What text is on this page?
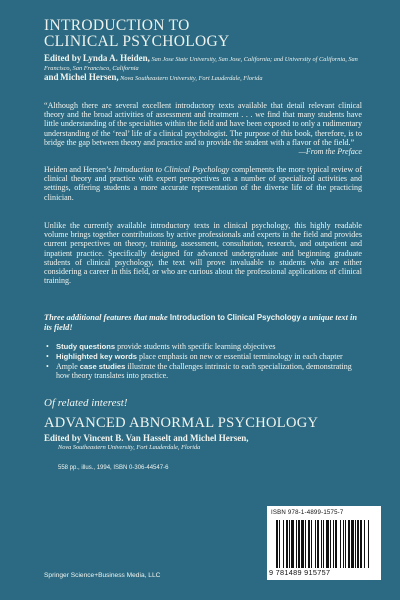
INTRODUCTION TO
CLINICAL PSYCHOLOGY
Edited by Lynda A. Heiden, San Jose State University, San Jose, California; and University of California, San Francisco, San Francisco, California
and Michel Hersen, Nova Southeastern University, Fort Lauderdale, Florida
“Although there are several excellent introductory texts available that detail relevant clinical theory and the broad activities of assessment and treatment . . . we find that many students have little understanding of the specialties within the field and have been exposed to only a rudimentary understanding of the ‘real’ life of a clinical psychologist. The purpose of this book, therefore, is to bridge the gap between theory and practice and to provide the student with a flavor of the field.”
—From the Preface
Heiden and Hersen’s Introduction to Clinical Psychology complements the more typical review of clinical theory and practice with expert perspectives on a number of specialized activities and settings, offering students a more accurate representation of the diverse life of the practicing clinician.
Unlike the currently available introductory texts in clinical psychology, this highly readable volume brings together contributions by active professionals and experts in the field and provides current perspectives on theory, training, assessment, consultation, research, and outpatient and inpatient practice. Specifically designed for advanced undergraduate and beginning graduate students of clinical psychology, the text will prove invaluable to students who are either considering a career in this field, or who are curious about the professional applications of clinical training.
Three additional features that make Introduction to Clinical Psychology a unique text in its field!
• Study questions provide students with specific learning objectives
• Highlighted key words place emphasis on new or essential terminology in each chapter
• Ample case studies illustrate the challenges intrinsic to each specialization, demonstrating how theory translates into practice.
Of related interest!
ADVANCED ABNORMAL PSYCHOLOGY
Edited by Vincent B. Van Hasselt and Michel Hersen,
Nova Southeastern University, Fort Lauderdale, Florida
558 pp., illus., 1994, ISBN 0-306-44547-6
ISBN 978-1-4899-1575-7
9 781489 915757
Springer Science+Business Media, LLC
